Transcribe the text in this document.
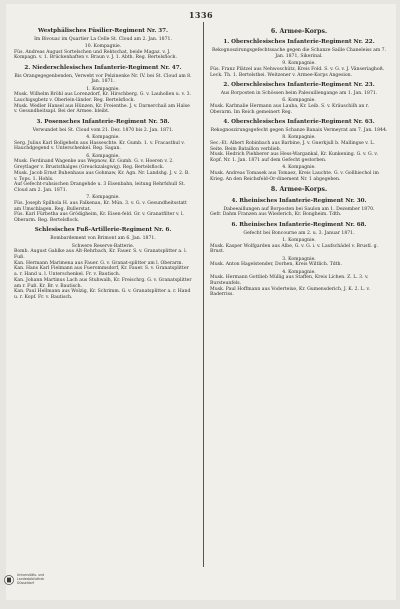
1336
Westphälisches Füsilier-Regiment Nr. 37.
Im Bivouac im Quartier La Celle St. Cloud am 2. Jan. 1871.
10. Kompagnie.
Füs. Andreas August Sortelschen und Rektschat, beide Magaz. v. J. Kompagn. v. 1. Brückenhaften v. Braun v. J. 1. Abth. Reg. Bertelsflock.
2. Niederschlesisches Infanterie-Regiment Nr. 47.
Bis Orangegegenbenden, Verwebt vor Pelzinenke Nr. IV. bei St. Cloud am 8. Jan. 1871.
1. Kompagnie.
Musk. Wilhelm Bröhl aus Lorenzdorf, Kr. Hirschberg. G. v. Lauhollen u. v. 3. Lauchigsgbetz v. Oberlein-länder. Reg. Bertelsflock.
Musk. Wedler Hansel aus Hünzen, Kr. Freienthe. J. v. Darnerchail am Halse v. Gesundheitsapl. Bei der Armee. bleibt.
3. Posensches Infanterie-Regiment Nr. 58.
Verwundet bei St. Cloud vom 21. Dez. 1870 bis 2. Jan. 1871.
4. Kompagnie.
Serg. Julius Karl Bollgeheln aus Hasseschte. Kr. Gumb. 1. v. Fracasthul v. Hauchdgegend v. Unterschenkel. Reg. Sagan.
6. Kompagnie.
Musk. Ferdinand Wagenke aus Wepnow, Kr. Gumb. G. v. Hoeren v. 2. Greytlager v. Bruststhalges (Greuckzalsgwig). Reg. Bertelsflock.
Musk. Jacob Ernst Buhenhaus aus Gohmaw, Kr. Agn. Nr. Landshg. J. v. 2. B. v. Tops. 1. Hohls.
Auf Gefecht-ruhsischen Drangehde u. 3 Eisenbahn, leitung Rehrfshull St. Cloud am 2. Jan. 1871.
7. Kompagnie.
Füs. Joseph Spilhola H. aus Falkenau, Kr. Mün. 3. v. G. v. Gesundheitsstatt am Umschlagen. Reg. Bullerstat.
Füs. Karl Fürbetha aus Grödigheim, Kr. Eisen-feld. Gr. v. Granatfilter v. l. Oberarm. Reg. Bertelsflock.
Schlesisches Fuß-Artillerie-Regiment Nr. 6.
Bombardement von Brimont am 6. Jan. 1871.
Schwere Reserve-Batterie.
Bomb. August Gahlke aus Alt-Rehrbach, Kr. Fauer. S. v. Granatsplitter a. l. Fuß.
Kan. Hermann Marimena aus Fauer. G. v. Granat-splitter am l. Oberarm.
Kan. Hans Karl Fielmann aus Fuerommsdorf, Kr. Fauer. S. v. Granatsplitter a. r. Hand u. l. Unterschenkel. Fr. v. Bautisch.
Kan. Johann Martinus Lach aus Stuhwalh, Kr. Freischrg. G. v. Granatsplitter am r. Fuß. Kr. Br. v. Bautisch.
Kan. Paul Hellmann aus Wolzig, Kr. Schrimm. G. v. Granatsplitter a. r. Hand u. r. Kopf. Fr. v. Bautisch.
6. Armee-Korps.
1. Oberschlesisches Infanterie-Regiment Nr. 22.
Rekognoszirungsgefechtssache gegen die Schanze Saille Chaneleiss am 7. Jan. 1871, Sikerinal.
9. Kompagnie.
Füs. Franz Plätzel aus Nehwoschütz, Kreis Fold. S. v. G. v. J. Vänseriaghoß. Leck. Th. 1. Bertelsthei. Weitzener v. Armee-Korps Angesion.
2. Oberschlesisches Infanterie-Regiment Nr. 23.
Aus Borposten in Schössen beim Palesuillengange am 1. Jan. 1871.
6. Kompagnie.
Musk. Karlmalie Hermann aus Lauba, Kr. Leib. S. v. Kräuschilh an r. Oberarm. Im Reich gemeinert Reg.
4. Oberschlesisches Infanterie-Regiment Nr. 63.
Rekognoszirungsgefecht gegen Schanze Banaix Vermeyrat am 7. Jan. 1844.
8. Kompagnie.
Sec.-Et. Albert Robinbach aus Barbine, J. v. Guerkjull b. Mallingse v. L. Seite. Beim Bataillon verblieb.
Musk. Hedrich Piehberer aus Hess-Wargankal, Kr. Kunkening. G. v. G. v. Kopf. Nr. 1. Jan. 1871 auf dem Gefecht gestorben.
4. Kompagnie.
Musk. Andreas Tomasek aus Tomaez, Kreis Lauchte. G. v. Gollhiechol im Krieg. An den Reichsfeld-Or-dinement Nr. 1 abgegeben.
8. Armee-Korps.
4. Rheinisches Infanterie-Regiment Nr. 30.
Dabeeaillungen auf Borposten bei Saulon am 1. Dezember 1870.
Gefr. Dahm Franzen aus Wiederich, Kr. Bongheim. Tdth.
6. Rheinisches Infanterie-Regiment Nr. 68.
Gefecht bei Boncourne am 2. u. 3. Januar 1871.
1. Kompagnie.
Musk. Kasper Wolfgarden aus Albe, G. v. G. i. v. Laufschädel v. Brustl. g. Brust.
3. Kompagnie.
Musk. Anton Hagelstender, Dorhen, Kreis Wiltlich. Tdth.
4. Kompagnie.
Musk. Hermann Gottlieb Müllig aus Staffen, Kreis Lichen. Z. L. 3. v. Bursteunfels.
Musk. Paul Hoffmann aus Voderteixe, Kr. Gumensderich, J. K. 2. L. v. Baderriss.
Universitäts- und
Landesbibliothek Düsseldorf
